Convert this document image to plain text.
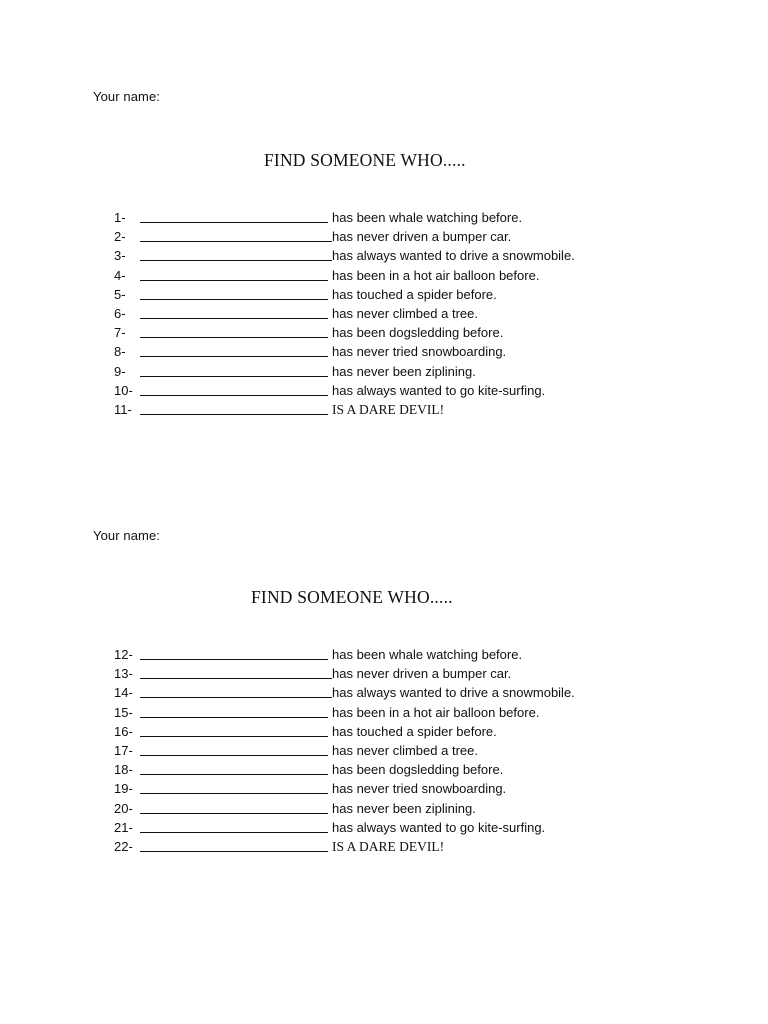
Your name:
FIND SOMEONE WHO.....
1-	has been whale watching before.
2-	has never driven a bumper car.
3-	has always wanted to drive a snowmobile.
4-	has been in a hot air balloon before.
5-	has touched a spider before.
6-	has never climbed a tree.
7-	has been dogsledding before.
8-	has never tried snowboarding.
9-	has never been ziplining.
10-	has always wanted to go kite-surfing.
11-	IS A DARE DEVIL!
Your name:
FIND SOMEONE WHO.....
12-	has been whale watching before.
13-	has never driven a bumper car.
14-	has always wanted to drive a snowmobile.
15-	has been in a hot air balloon before.
16-	has touched a spider before.
17-	has never climbed a tree.
18-	has been dogsledding before.
19-	has never tried snowboarding.
20-	has never been ziplining.
21-	has always wanted to go kite-surfing.
22-	IS A DARE DEVIL!
